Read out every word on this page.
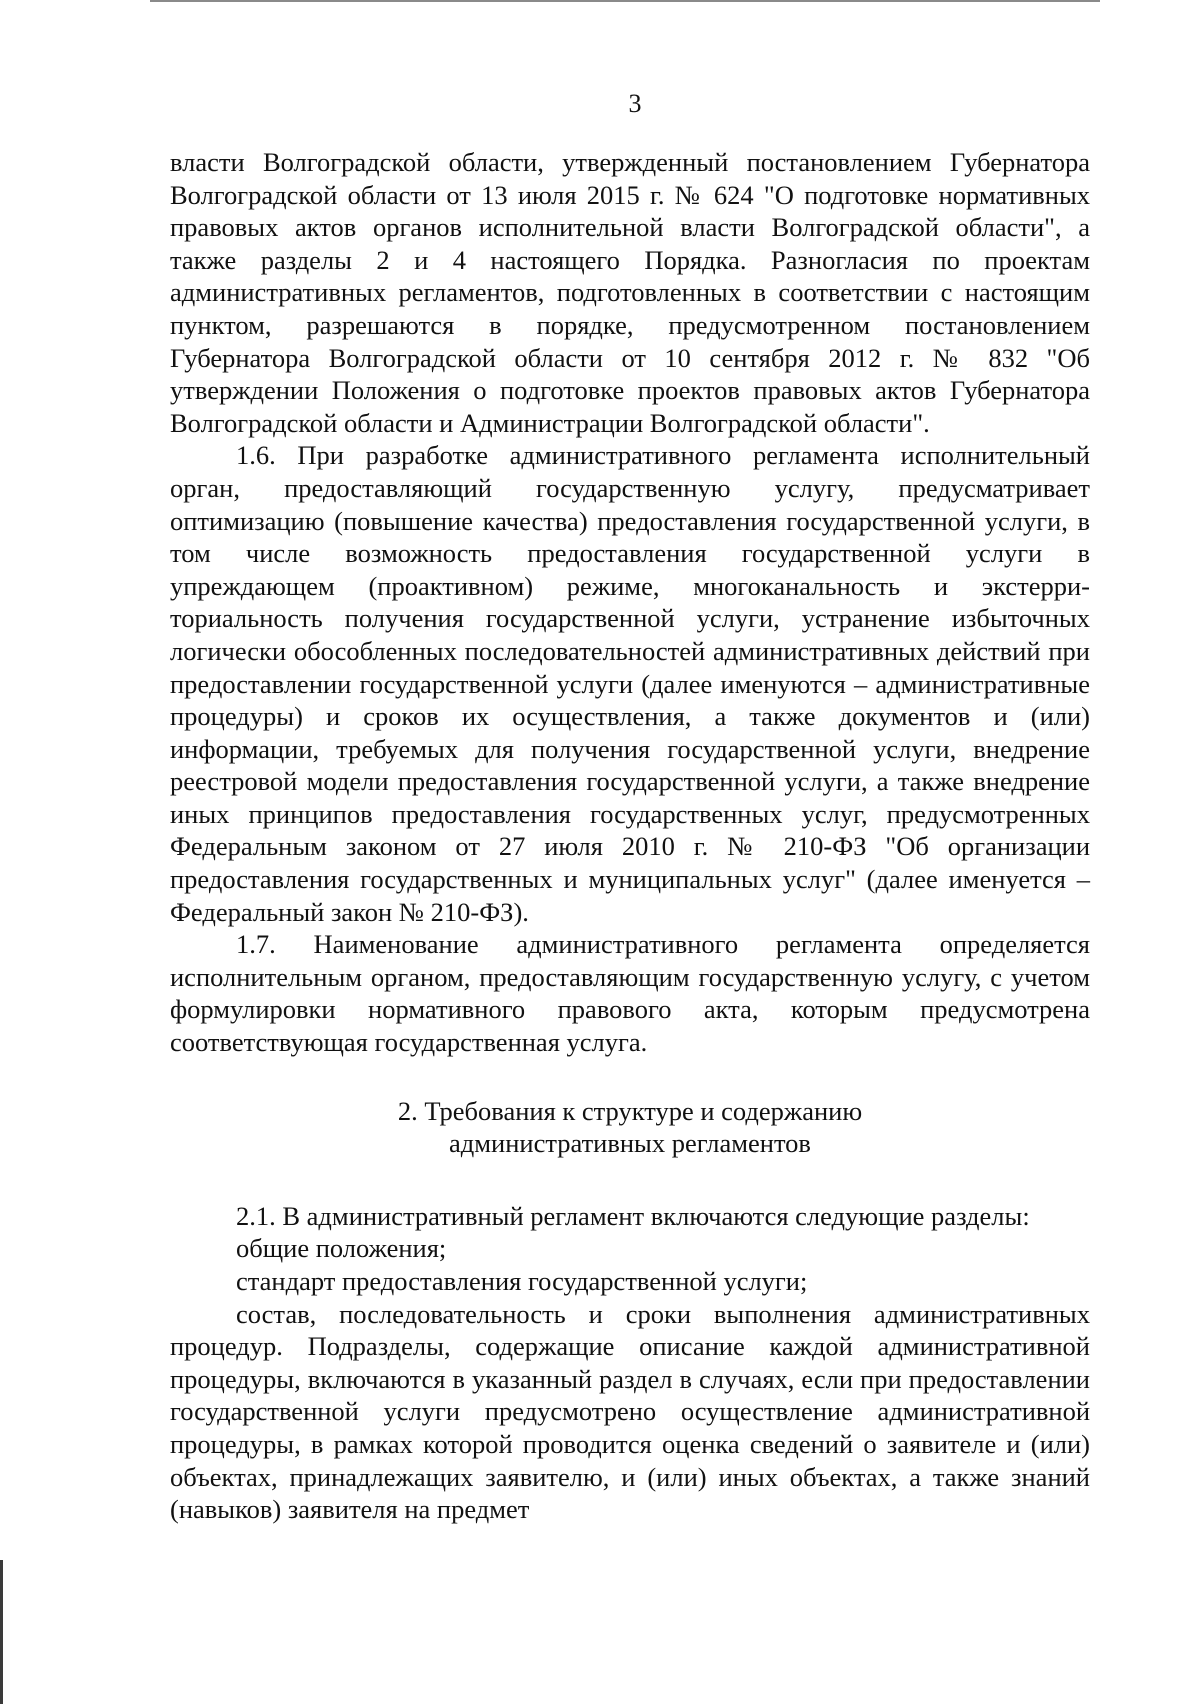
3

власти Волгоградской области, утвержденный постановлением Губернатора Волгоградской области от 13 июля 2015 г. № 624 "О подготовке нормативных правовых актов органов исполнительной власти Волгоградской области", а также разделы 2 и 4 настоящего Порядка. Разногласия по проектам административных регламентов, подготовленных в соответствии с настоящим пунктом, разрешаются в порядке, предусмотренном постановлением Губернатора Волгоградской области от 10 сентября 2012 г. № 832 "Об утверждении Положения о подготовке проектов правовых актов Губернатора Волгоградской области и Администрации Волгоградской области".

1.6. При разработке административного регламента исполнительный орган, предоставляющий государственную услугу, предусматривает оптимизацию (повышение качества) предоставления государственной услуги, в том числе возможность предоставления государственной услуги в упреждающем (проактивном) режиме, многоканальность и экстерриториальность получения государственной услуги, устранение избыточных логически обособленных последовательностей административных действий при предоставлении государственной услуги (далее именуются – административные процедуры) и сроков их осуществления, а также документов и (или) информации, требуемых для получения государственной услуги, внедрение реестровой модели предоставления государственной услуги, а также внедрение иных принципов предоставления государственных услуг, предусмотренных Федеральным законом от 27 июля 2010 г. № 210-ФЗ "Об организации предоставления государственных и муниципальных услуг" (далее именуется – Федеральный закон № 210-ФЗ).

1.7. Наименование административного регламента определяется исполнительным органом, предоставляющим государственную услугу, с учетом формулировки нормативного правового акта, которым предусмотрена соответствующая государственная услуга.

2. Требования к структуре и содержанию
административных регламентов

2.1. В административный регламент включаются следующие разделы:

общие положения;

стандарт предоставления государственной услуги;

состав, последовательность и сроки выполнения административных процедур. Подразделы, содержащие описание каждой административной процедуры, включаются в указанный раздел в случаях, если при предоставлении государственной услуги предусмотрено осуществление административной процедуры, в рамках которой проводится оценка сведений о заявителе и (или) объектах, принадлежащих заявителю, и (или) иных объектах, а также знаний (навыков) заявителя на предмет
